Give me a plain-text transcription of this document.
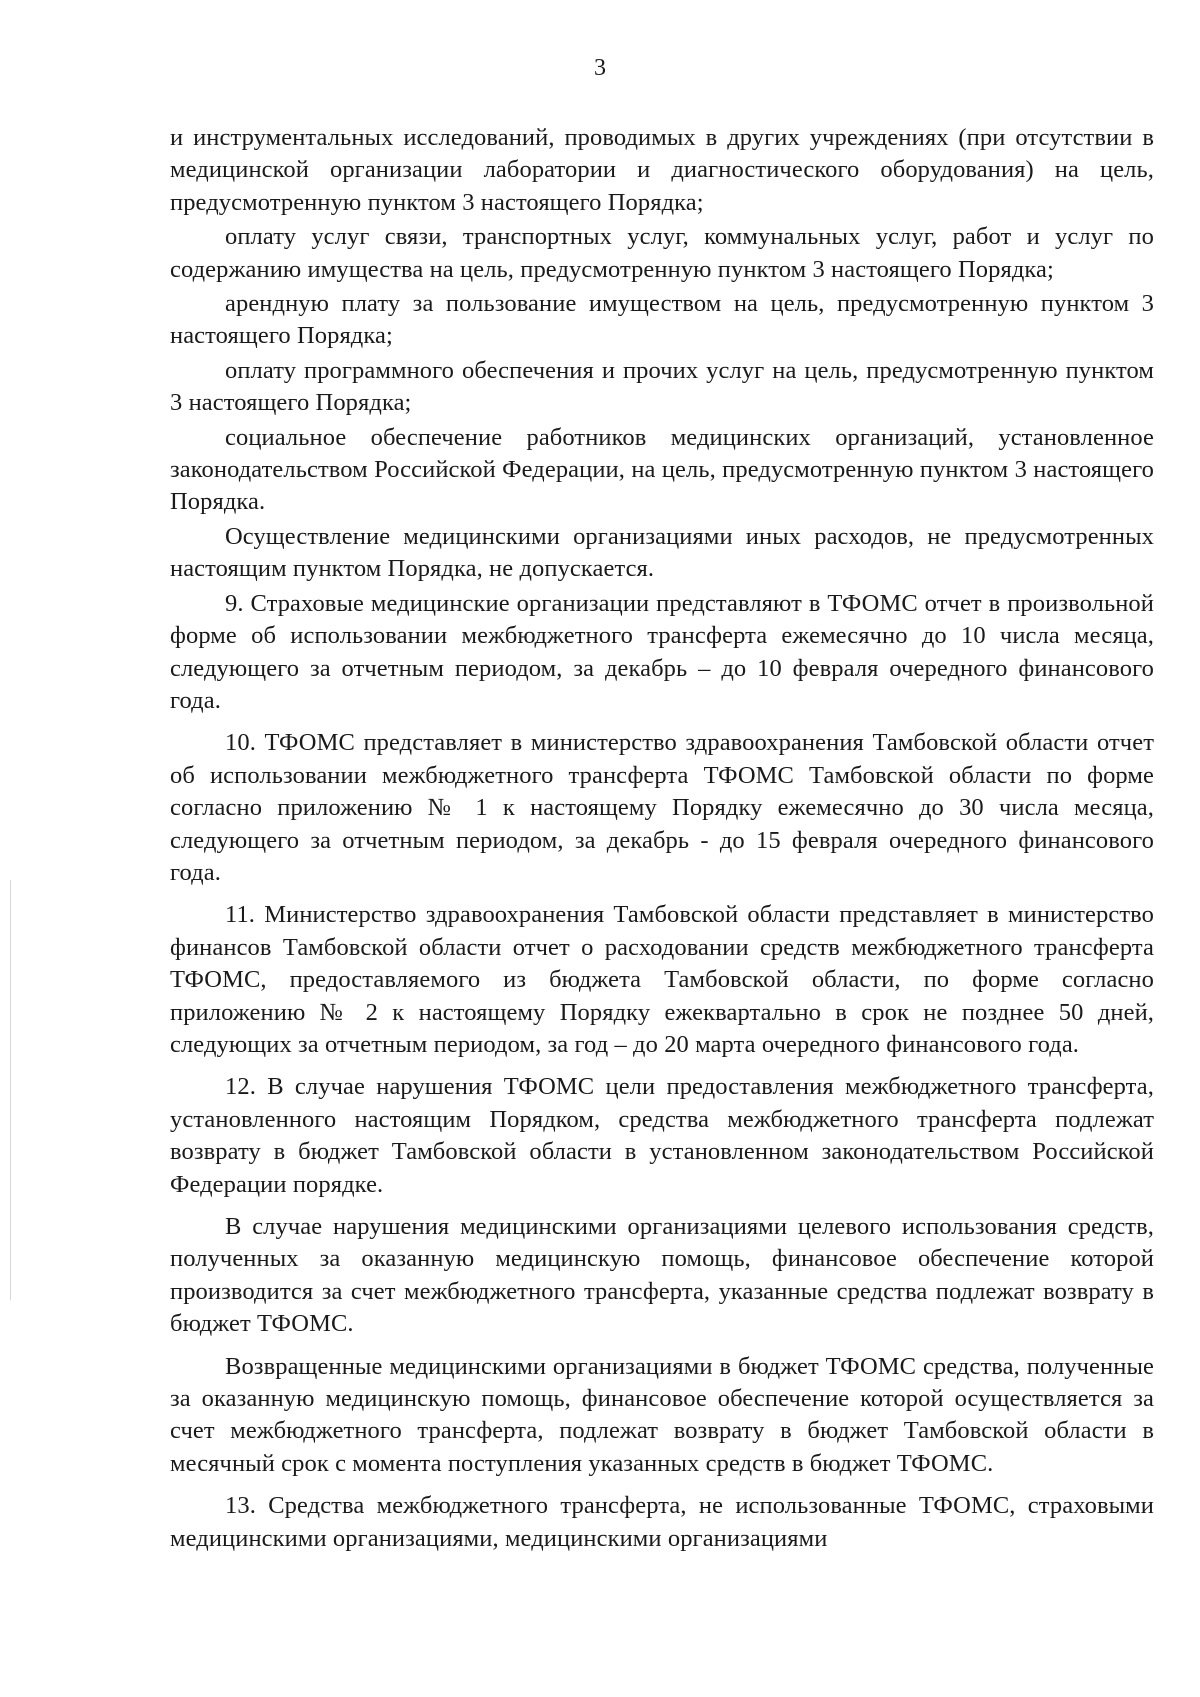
3

и инструментальных исследований, проводимых в других учреждениях (при отсутствии в медицинской организации лаборатории и диагностического оборудования) на цель, предусмотренную пунктом 3 настоящего Порядка;

оплату услуг связи, транспортных услуг, коммунальных услуг, работ и услуг по содержанию имущества на цель, предусмотренную пунктом 3 настоящего Порядка;

арендную плату за пользование имуществом на цель, предусмотренную пунктом 3 настоящего Порядка;

оплату программного обеспечения и прочих услуг на цель, предусмотренную пунктом 3 настоящего Порядка;

социальное обеспечение работников медицинских организаций, установленное законодательством Российской Федерации, на цель, предусмотренную пунктом 3 настоящего Порядка.

Осуществление медицинскими организациями иных расходов, не предусмотренных настоящим пунктом Порядка, не допускается.

9. Страховые медицинские организации представляют в ТФОМС отчет в произвольной форме об использовании межбюджетного трансферта ежемесячно до 10 числа месяца, следующего за отчетным периодом, за декабрь – до 10 февраля очередного финансового года.

10. ТФОМС представляет в министерство здравоохранения Тамбовской области отчет об использовании межбюджетного трансферта ТФОМС Тамбовской области по форме согласно приложению № 1 к настоящему Порядку ежемесячно до 30 числа месяца, следующего за отчетным периодом, за декабрь - до 15 февраля очередного финансового года.

11. Министерство здравоохранения Тамбовской области представляет в министерство финансов Тамбовской области отчет о расходовании средств межбюджетного трансферта ТФОМС, предоставляемого из бюджета Тамбовской области, по форме согласно приложению № 2 к настоящему Порядку ежеквартально в срок не позднее 50 дней, следующих за отчетным периодом, за год – до 20 марта очередного финансового года.

12. В случае нарушения ТФОМС цели предоставления межбюджетного трансферта, установленного настоящим Порядком, средства межбюджетного трансферта подлежат возврату в бюджет Тамбовской области в установленном законодательством Российской Федерации порядке.

В случае нарушения медицинскими организациями целевого использования средств, полученных за оказанную медицинскую помощь, финансовое обеспечение которой производится за счет межбюджетного трансферта, указанные средства подлежат возврату в бюджет ТФОМС.

Возвращенные медицинскими организациями в бюджет ТФОМС средства, полученные за оказанную медицинскую помощь, финансовое обеспечение которой осуществляется за счет межбюджетного трансферта, подлежат возврату в бюджет Тамбовской области в месячный срок с момента поступления указанных средств в бюджет ТФОМС.

13. Средства межбюджетного трансферта, не использованные ТФОМС, страховыми медицинскими организациями, медицинскими организациями
